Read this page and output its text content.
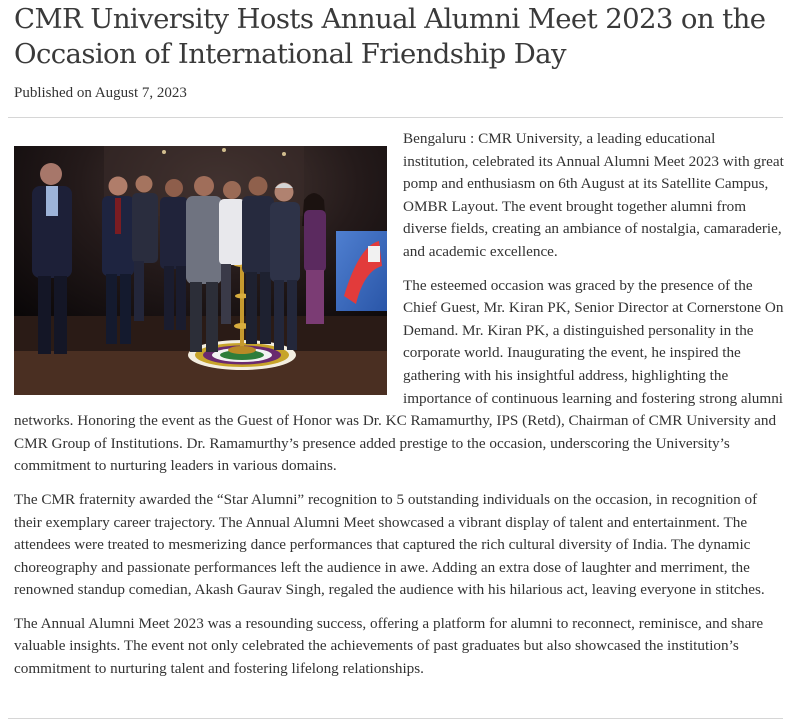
CMR University Hosts Annual Alumni Meet 2023 on the Occasion of International Friendship Day
Published on August 7, 2023

Bengaluru : CMR University, a leading educational institution, celebrated its Annual Alumni Meet 2023 with great pomp and enthusiasm on 6th August at its Satellite Campus, OMBR Layout. The event brought together alumni from diverse fields, creating an ambiance of nostalgia, camaraderie, and academic excellence.

The esteemed occasion was graced by the presence of the Chief Guest, Mr. Kiran PK, Senior Director at Cornerstone On Demand. Mr. Kiran PK, a distinguished personality in the corporate world. Inaugurating the event, he inspired the gathering with his insightful address, highlighting the importance of continuous learning and fostering strong alumni networks. Honoring the event as the Guest of Honor was Dr. KC Ramamurthy, IPS (Retd), Chairman of CMR University and CMR Group of Institutions. Dr. Ramamurthy’s presence added prestige to the occasion, underscoring the University’s commitment to nurturing leaders in various domains.

The CMR fraternity awarded the “Star Alumni” recognition to 5 outstanding individuals on the occasion, in recognition of their exemplary career trajectory. The Annual Alumni Meet showcased a vibrant display of talent and entertainment. The attendees were treated to mesmerizing dance performances that captured the rich cultural diversity of India. The dynamic choreography and passionate performances left the audience in awe. Adding an extra dose of laughter and merriment, the renowned standup comedian, Akash Gaurav Singh, regaled the audience with his hilarious act, leaving everyone in stitches.

The Annual Alumni Meet 2023 was a resounding success, offering a platform for alumni to reconnect, reminisce, and share valuable insights. The event not only celebrated the achievements of past graduates but also showcased the institution’s commitment to nurturing talent and fostering lifelong relationships.
